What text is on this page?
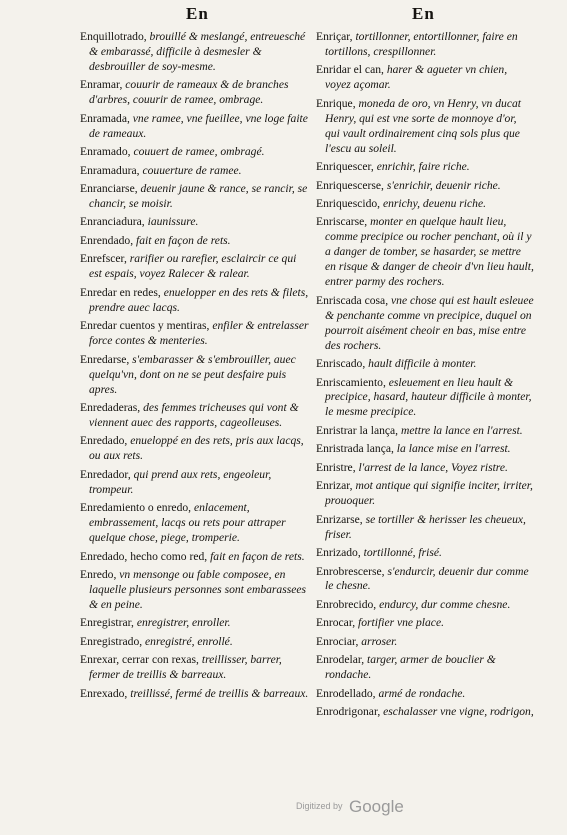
En	En

Enquillotrado, brouillé & meslangé, entreuesché & embarassé, difficile à desmesler & desbrouiller de soy-mesme.

Enramar, couurir de rameaux & de branches d'arbres, couurir de ramee, ombrage.

Enramada, vne ramee, vne fueillee, vne loge faite de rameaux.

Enramado, couuert de ramee, ombragé.

Enramadura, couuerture de ramee.

Enranciarse, deuenir jaune & rance, se rancir, se chancir, se moisir.

Enranciadura, iaunissure.

Enrendado, fait en façon de rets.

Enrefscer, rarifier ou rarefier, esclaircir ce qui est espais, voyez Ralecer & ralear.

Enredar en redes, enuelopper en des rets & filets, prendre auec lacqs.

Enredar cuentos y mentiras, enfiler & entrelasser force contes & menteries.

Enredarse, s'embarasser & s'embrouiller, auec quelqu'vn, dont on ne se peut desfaire puis apres.

Enredaderas, des femmes tricheuses qui vont & viennent auec des rapports, cageolleuses.

Enredado, enueloppé en des rets, pris aux lacqs, ou aux rets.

Enredador, qui prend aux rets, engeoleur, trompeur.

Enredamiento o enredo, enlacement, embrassement, lacqs ou rets pour attraper quelque chose, piege, tromperie.

Enredado, hecho como red, fait en façon de rets.

Enredo, vn mensonge ou fable composee, en laquelle plusieurs personnes sont embarassees & en peine.

Enregistrar, enregistrer, enroller.

Enregistrado, enregistré, enrollé.

Enrexar, cerrar con rexas, treillisser, barrer, fermer de treillis & barreaux.

Enrexado, treillissé, fermé de treillis & barreaux.

Enriçar, tortillonner, entortillonner, faire en tortillons, crespillonner.

Enridar el can, harer & agueter vn chien, voyez açomar.

Enrique, moneda de oro, vn Henry, vn ducat Henry, qui est vne sorte de monnoye d'or, qui vault ordinairement cinq sols plus que l'escu au soleil.

Enriquescer, enrichir, faire riche.

Enriquescerse, s'enrichir, deuenir riche.

Enriquescido, enrichy, deuenu riche.

Enriscarse, monter en quelque hault lieu, comme precipice ou rocher penchant, où il y a danger de tomber, se hasarder, se mettre en risque & danger de cheoir d'vn lieu hault, entrer parmy des rochers.

Enriscada cosa, vne chose qui est hault esleuee & penchante comme vn precipice, duquel on pourroit aisément cheoir en bas, mise entre des rochers.

Enriscado, hault difficile à monter.

Enriscamiento, esleuement en lieu hault & precipice, hasard, hauteur difficile à monter, le mesme precipice.

Enristrar la lança, mettre la lance en l'arrest.

Enristrada lança, la lance mise en l'arrest.

Enristre, l'arrest de la lance, Voyez ristre.

Enrizar, mot antique qui signifie inciter, irriter, prouoquer.

Enrizarse, se tortiller & herisser les cheueux, friser.

Enrizado, tortillonné, frisé.

Enrobrescerse, s'endurcir, deuenir dur comme le chesne.

Enrobrecido, endurcy, dur comme chesne.

Enrocar, fortifier vne place.

Enrociar, arroser.

Enrodelar, targer, armer de bouclier & rondache.

Enrodellado, armé de rondache.

Enrodrigonar, eschalasser vne vigne, rodrigon,

Digitized by Google
